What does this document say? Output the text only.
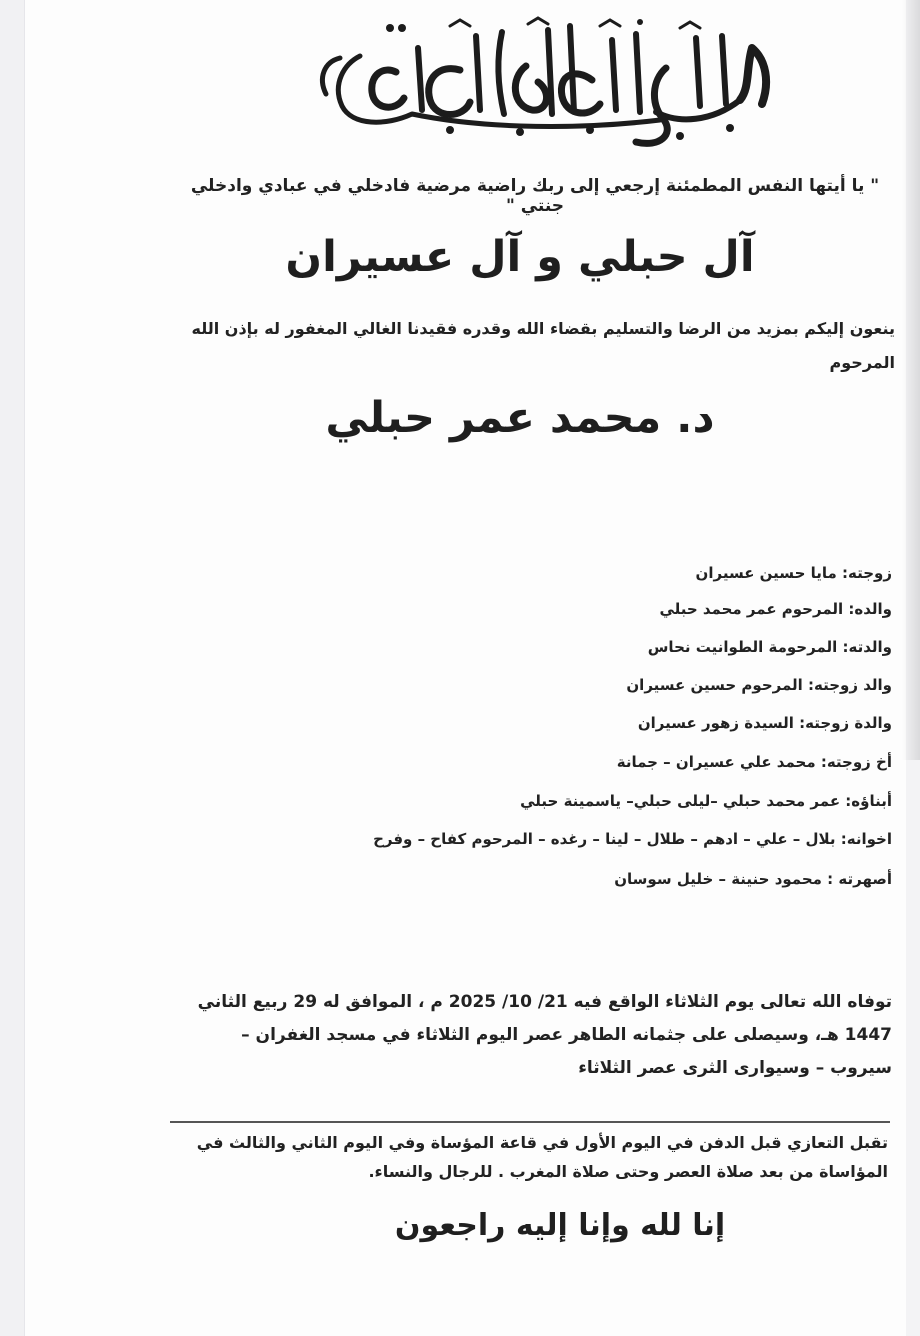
" يا أيتها النفس المطمئنة إرجعي إلى ربك راضية مرضية فادخلي في عبادي وادخلي جنتي "
آل حبلي و آل عسيران
ينعون إليكم بمزيد من الرضا والتسليم بقضاء الله وقدره فقيدنا الغالي المغفور له بإذن الله المرحوم
د. محمد عمر حبلي
زوجته: مايا حسين عسيران
والده: المرحوم عمر محمد حبلي
والدته: المرحومة الطوانيت نحاس
والد زوجته: المرحوم حسين عسيران
والدة زوجته: السيدة زهور عسيران
أخ زوجته: محمد علي عسيران – جمانة
أبناؤه: عمر محمد حبلي –ليلى حبلي– ياسمينة حبلي
اخوانه: بلال – علي – ادهم – طلال – لينا – رغده – المرحوم كفاح – وفرح
أصهرته : محمود حنينة – خليل سوسان
توفاه الله تعالى يوم الثلاثاء الواقع فيه 21/ 10/ 2025 م ، الموافق له 29 ربيع الثاني 1447 هـ، وسيصلى على جثمانه الطاهر عصر اليوم الثلاثاء في مسجد الغفران – سيروب – وسيوارى الثرى عصر الثلاثاء
تقبل التعازي قبل الدفن في اليوم الأول في قاعة المؤساة وفي اليوم الثاني والثالث في المؤاساة من بعد صلاة العصر وحتى صلاة المغرب . للرجال والنساء.
إنا لله وإنا إليه راجعون
